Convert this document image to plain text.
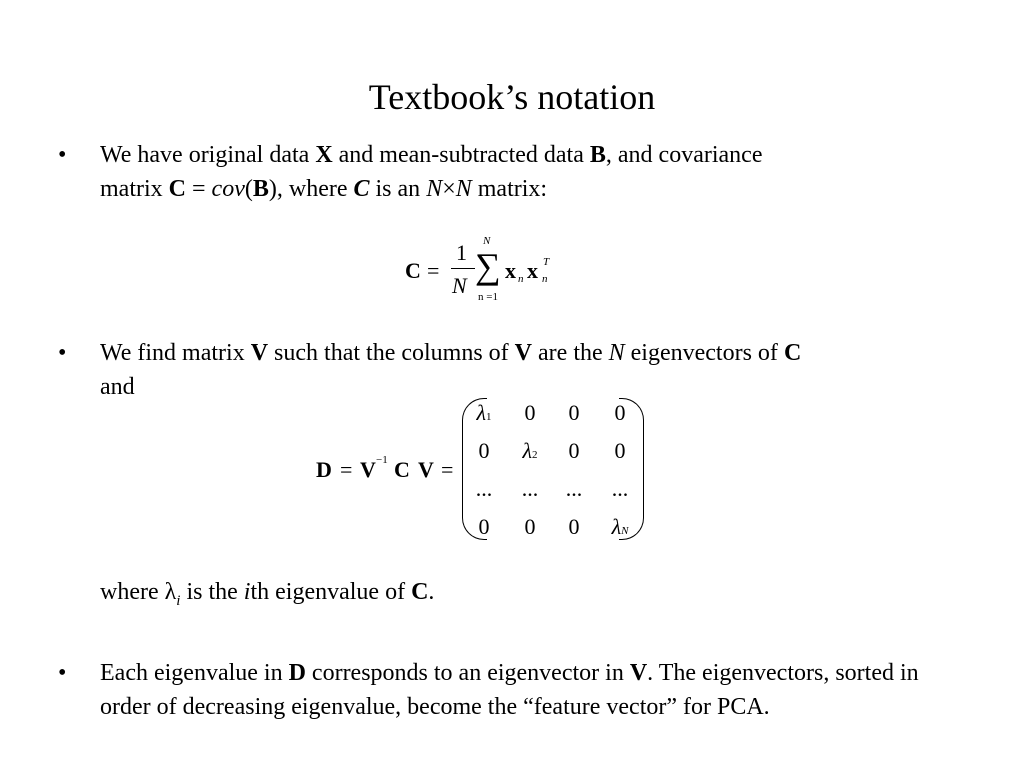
Textbook’s notation
• We have original data X and mean-subtracted data B, and covariance
matrix C = cov(B), where C is an N×N matrix:
C =
1
N
N
∑
n =1
x n x T
n
• We find matrix V such that the columns of V are the N eigenvectors of C
and
D = V −1 C V =
λ1	0	0	0
0	λ2	0	0
...	...	...	...
0	0	0	λN
where $\lambda_i$ is the ith eigenvalue of C.
• Each eigenvalue in D corresponds to an eigenvector in V. The eigenvectors, sorted in order of decreasing eigenvalue, become the “feature vector” for PCA.
